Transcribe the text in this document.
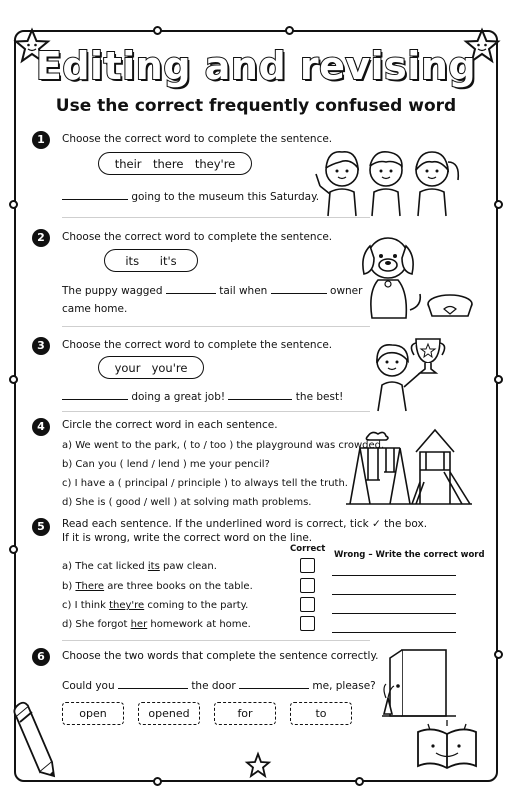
Editing and revising
Use the correct frequently confused word
1	Choose the correct word to complete the sentence.
their there they're
going to the museum this Saturday.
2	Choose the correct word to complete the sentence.
its it's
The puppy wagged	tail when	owner
came home.
3	Choose the correct word to complete the sentence.
your you're
doing a great job!	the best!
4	Circle the correct word in each sentence.
a) We went to the park, ( to / too ) the playground was crowded.
b) Can you ( lend / lend ) me your pencil?
c) I have a ( principal / principle ) to always tell the truth.
d) She is ( good / well ) at solving math problems.
5	Read each sentence. If the underlined word is correct, tick ✓ the box.
If it is wrong, write the correct word on the line.
Correct
Wrong – Write the correct word
a) The cat licked its paw clean.
b) There are three books on the table.
c) I think they're coming to the party.
d) She forgot her homework at home.
6	Choose the two words that complete the sentence correctly.
Could you	the door	me, please?
open	opened	for	to
